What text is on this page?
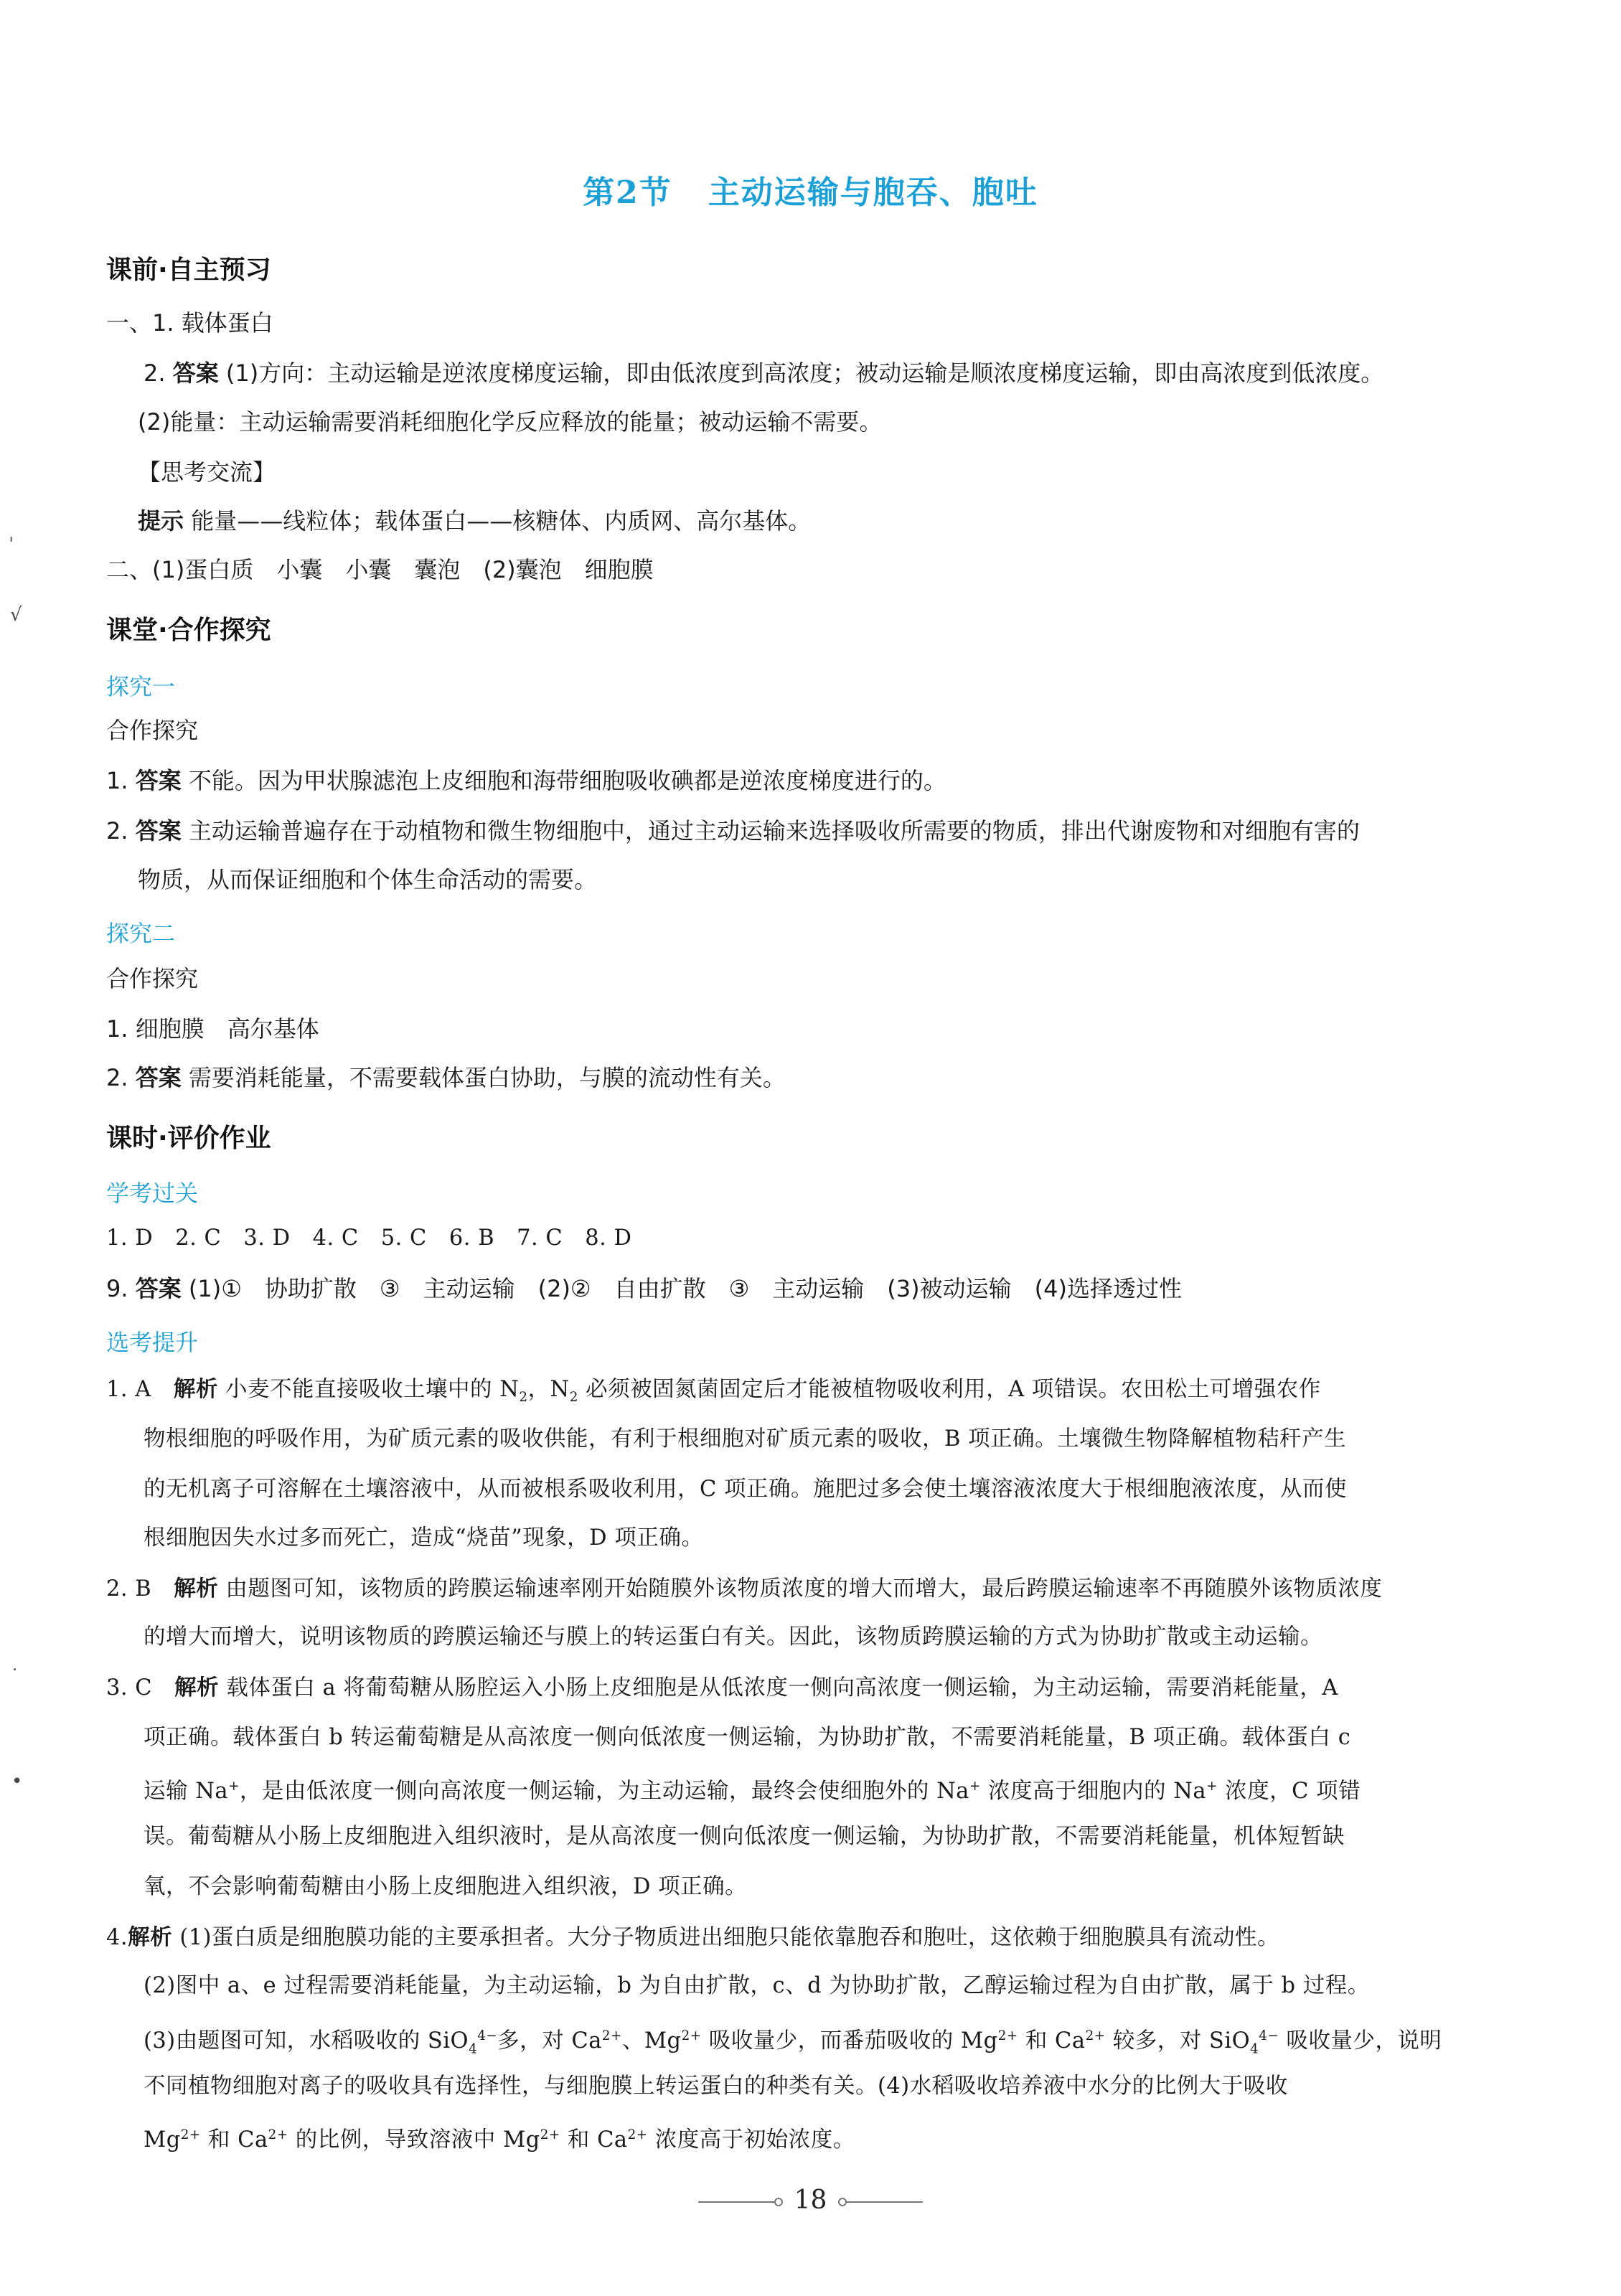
第2节 主动运输与胞吞、胞吐
课前·自主预习
一、1. 载体蛋白
2. 答案 (1)方向：主动运输是逆浓度梯度运输，即由低浓度到高浓度；被动运输是顺浓度梯度运输，即由高浓度到低浓度。
(2)能量：主动运输需要消耗细胞化学反应释放的能量；被动运输不需要。
【思考交流】
提示 能量——线粒体；载体蛋白——核糖体、内质网、高尔基体。
二、(1)蛋白质　小囊　小囊　囊泡　(2)囊泡　细胞膜
课堂·合作探究
探究一
合作探究
1. 答案 不能。因为甲状腺滤泡上皮细胞和海带细胞吸收碘都是逆浓度梯度进行的。
2. 答案 主动运输普遍存在于动植物和微生物细胞中，通过主动运输来选择吸收所需要的物质，排出代谢废物和对细胞有害的
物质，从而保证细胞和个体生命活动的需要。
探究二
合作探究
1. 细胞膜　高尔基体
2. 答案 需要消耗能量，不需要载体蛋白协助，与膜的流动性有关。
课时·评价作业
学考过关
1. D　2. C　3. D　4. C　5. C　6. B　7. C　8. D
9. 答案 (1)①　协助扩散　③　主动运输　(2)②　自由扩散　③　主动运输　(3)被动运输　(4)选择透过性
选考提升
1. A　 解析 小麦不能直接吸收土壤中的 $N_2$，$N_2$ 必须被固氮菌固定后才能被植物吸收利用，A 项错误。农田松土可增强农作
物根细胞的呼吸作用，为矿质元素的吸收供能，有利于根细胞对矿质元素的吸收，B 项正确。土壤微生物降解植物秸秆产生
的无机离子可溶解在土壤溶液中，从而被根系吸收利用，C 项正确。施肥过多会使土壤溶液浓度大于根细胞液浓度，从而使
根细胞因失水过多而死亡，造成“烧苗”现象，D 项正确。
2. B　 解析 由题图可知，该物质的跨膜运输速率刚开始随膜外该物质浓度的增大而增大，最后跨膜运输速率不再随膜外该物质浓度
的增大而增大，说明该物质的跨膜运输还与膜上的转运蛋白有关。因此，该物质跨膜运输的方式为协助扩散或主动运输。
3. C　 解析 载体蛋白 a 将葡萄糖从肠腔运入小肠上皮细胞是从低浓度一侧向高浓度一侧运输，为主动运输，需要消耗能量，A
项正确。载体蛋白 b 转运葡萄糖是从高浓度一侧向低浓度一侧运输，为协助扩散，不需要消耗能量，B 项正确。载体蛋白 c
运输 Na+，是由低浓度一侧向高浓度一侧运输，为主动运输，最终会使细胞外的 Na+ 浓度高于细胞内的 Na+ 浓度，C 项错
误。葡萄糖从小肠上皮细胞进入组织液时，是从高浓度一侧向低浓度一侧运输，为协助扩散，不需要消耗能量，机体短暂缺
氧，不会影响葡萄糖由小肠上皮细胞进入组织液，D 项正确。
4.解析 (1)蛋白质是细胞膜功能的主要承担者。大分子物质进出细胞只能依靠胞吞和胞吐，这依赖于细胞膜具有流动性。
(2)图中 a、e 过程需要消耗能量，为主动运输，b 为自由扩散，c、d 为协助扩散，乙醇运输过程为自由扩散，属于 b 过程。
(3)由题图可知，水稻吸收的 SiO$_4^{4-}$多，对 $Ca^{2+}$、$Mg^{2+}$ 吸收量少，而番茄吸收的 $Mg^{2+}$ 和 $Ca^{2+}$ 较多，对 SiO$_4^{4-}$ 吸收量少，说明
不同植物细胞对离子的吸收具有选择性，与细胞膜上转运蛋白的种类有关。(4)水稻吸收培养液中水分的比例大于吸收
$Mg^{2+}$ 和 $Ca^{2+}$ 的比例，导致溶液中 $Mg^{2+}$ 和 $Ca^{2+}$ 浓度高于初始浓度。
18
ˌ
√
˙
•
